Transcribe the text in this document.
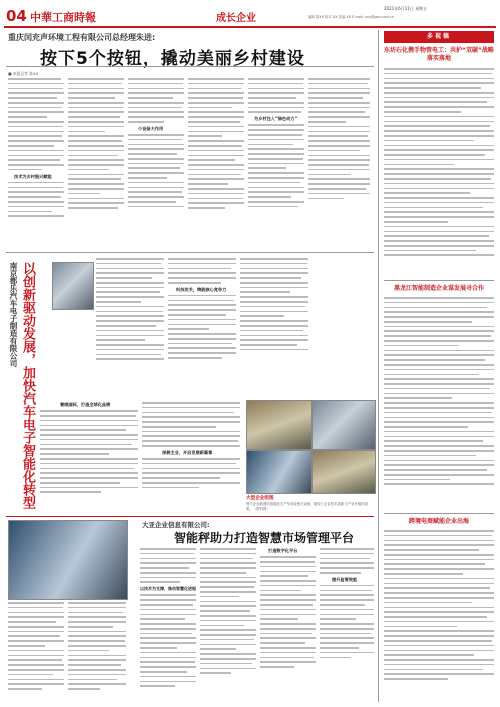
04 中華工商時報	成长企业
2021年6月11日 星期五
编辑 陈XX 校对 XX 美编 XX E-mail: xxx@gsb.com.cn
重庆闰充声环境工程有限公司总经理朱进:
按下5个按钮，撬动美丽乡村建设
■ 本报记者 陈XX
技术为乡村振兴赋能
小设备大作用
为乡村注入“绿色动力”
南京都乐汽车电子制造有限公司 以创新驱动发展，加快汽车电子智能化转型	科技攻关，铸就核心竞争力
着眼国际，打造全球化品牌
深耕主业，开启发展新篇章
大型企业组图
图为企业新建的智能化生产车间及相关设备，展现了企业技术创新与产业升级的成果。（资料图）
大亚企业信息有限公司:
智能秤助力打造智慧市场管理平台
以技术为支撑，推动智慧化进程
打造数字化平台
提升监管效能
多视稿
东坊石化携手物管电工：共护“双碳”战略落实落地
黑龙江智能制造企业谋发展寻合作
跨境电商赋能企业出海
